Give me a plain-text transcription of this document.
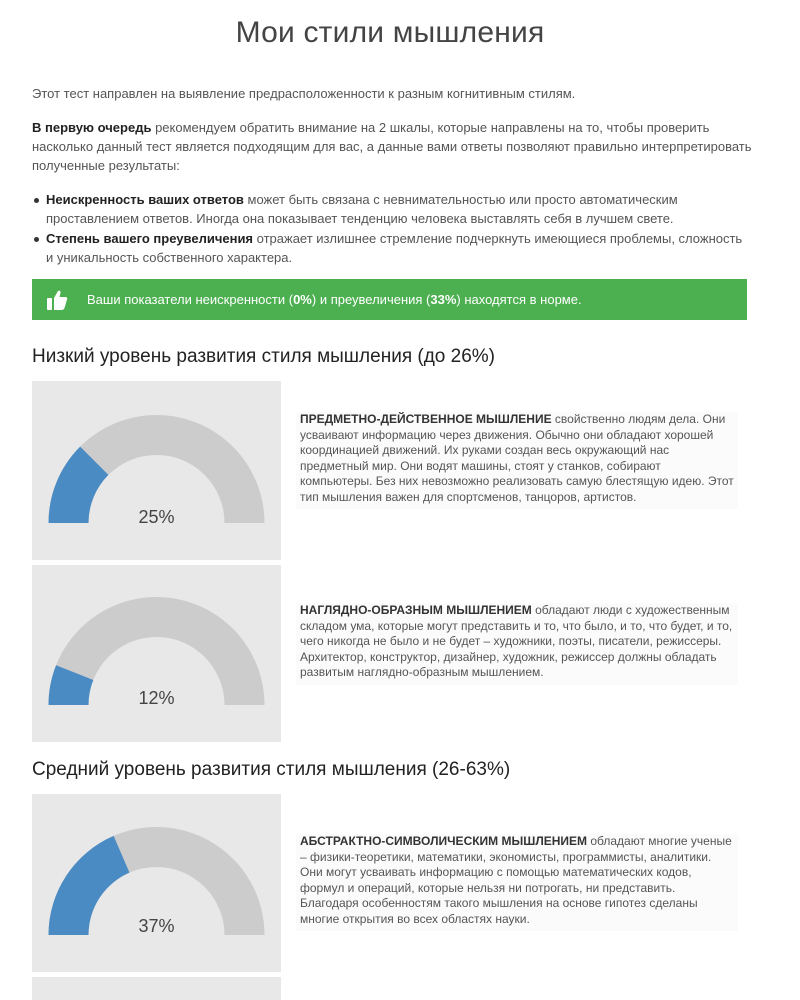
Мои стили мышления

Этот тест направлен на выявление предрасположенности к разным когнитивным стилям.

В первую очередь рекомендуем обратить внимание на 2 шкалы, которые направлены на то, чтобы проверить насколько данный тест является подходящим для вас, а данные вами ответы позволяют правильно интерпретировать полученные результаты:

Неискренность ваших ответов может быть связана с невнимательностью или просто автоматическим проставлением ответов. Иногда она показывает тенденцию человека выставлять себя в лучшем свете.

Степень вашего преувеличения отражает излишнее стремление подчеркнуть имеющиеся проблемы, сложность и уникальность собственного характера.

Ваши показатели неискренности (0%) и преувеличения (33%) находятся в норме.
Низкий уровень развития стиля мышления (до 26%)
25%

ПРЕДМЕТНО-ДЕЙСТВЕННОЕ МЫШЛЕНИЕ свойственно людям дела. Они усваивают информацию через движения. Обычно они обладают хорошей координацией движений. Их руками создан весь окружающий нас предметный мир. Они водят машины, стоят у станков, собирают компьютеры. Без них невозможно реализовать самую блестящую идею. Этот тип мышления важен для спортсменов, танцоров, артистов.

12%

НАГЛЯДНО-ОБРАЗНЫМ МЫШЛЕНИЕМ обладают люди с художественным складом ума, которые могут представить и то, что было, и то, что будет, и то, чего никогда не было и не будет – художники, поэты, писатели, режиссеры. Архитектор, конструктор, дизайнер, художник, режиссер должны обладать развитым наглядно-образным мышлением.

Средний уровень развития стиля мышления (26-63%)
37%

АБСТРАКТНО-СИМВОЛИЧЕСКИМ МЫШЛЕНИЕМ обладают многие ученые – физики-теоретики, математики, экономисты, программисты, аналитики. Они могут усваивать информацию с помощью математических кодов, формул и операций, которые нельзя ни потрогать, ни представить. Благодаря особенностям такого мышления на основе гипотез сделаны многие открытия во всех областях науки.
